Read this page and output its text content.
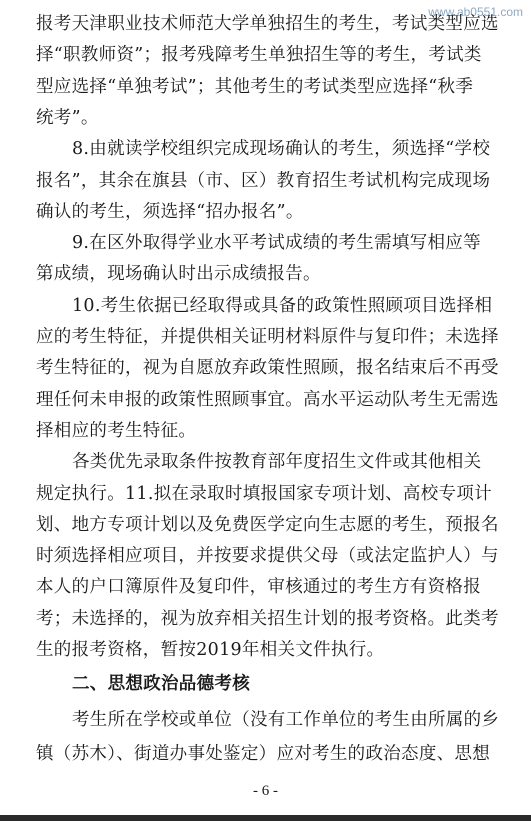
www.ab0551.com
报考天津职业技术师范大学单独招生的考生，考试类型应选
择“职教师资”；报考残障考生单独招生等的考生，考试类
型应选择“单独考试”；其他考生的考试类型应选择“秋季
统考”。
8.由就读学校组织完成现场确认的考生，须选择“学校
报名”，其余在旗县（市、区）教育招生考试机构完成现场
确认的考生，须选择“招办报名”。
9.在区外取得学业水平考试成绩的考生需填写相应等
第成绩，现场确认时出示成绩报告。
10.考生依据已经取得或具备的政策性照顾项目选择相
应的考生特征，并提供相关证明材料原件与复印件；未选择
考生特征的，视为自愿放弃政策性照顾，报名结束后不再受
理任何未申报的政策性照顾事宜。高水平运动队考生无需选
择相应的考生特征。
各类优先录取条件按教育部年度招生文件或其他相关
规定执行。11.拟在录取时填报国家专项计划、高校专项计
划、地方专项计划以及免费医学定向生志愿的考生，预报名
时须选择相应项目，并按要求提供父母（或法定监护人）与
本人的户口簿原件及复印件，审核通过的考生方有资格报
考；未选择的，视为放弃相关招生计划的报考资格。此类考
生的报考资格，暂按2019年相关文件执行。
二、思想政治品德考核
- 6 -
考生所在学校或单位（没有工作单位的考生由所属的乡
镇（苏木）、街道办事处鉴定）应对考生的政治态度、思想
